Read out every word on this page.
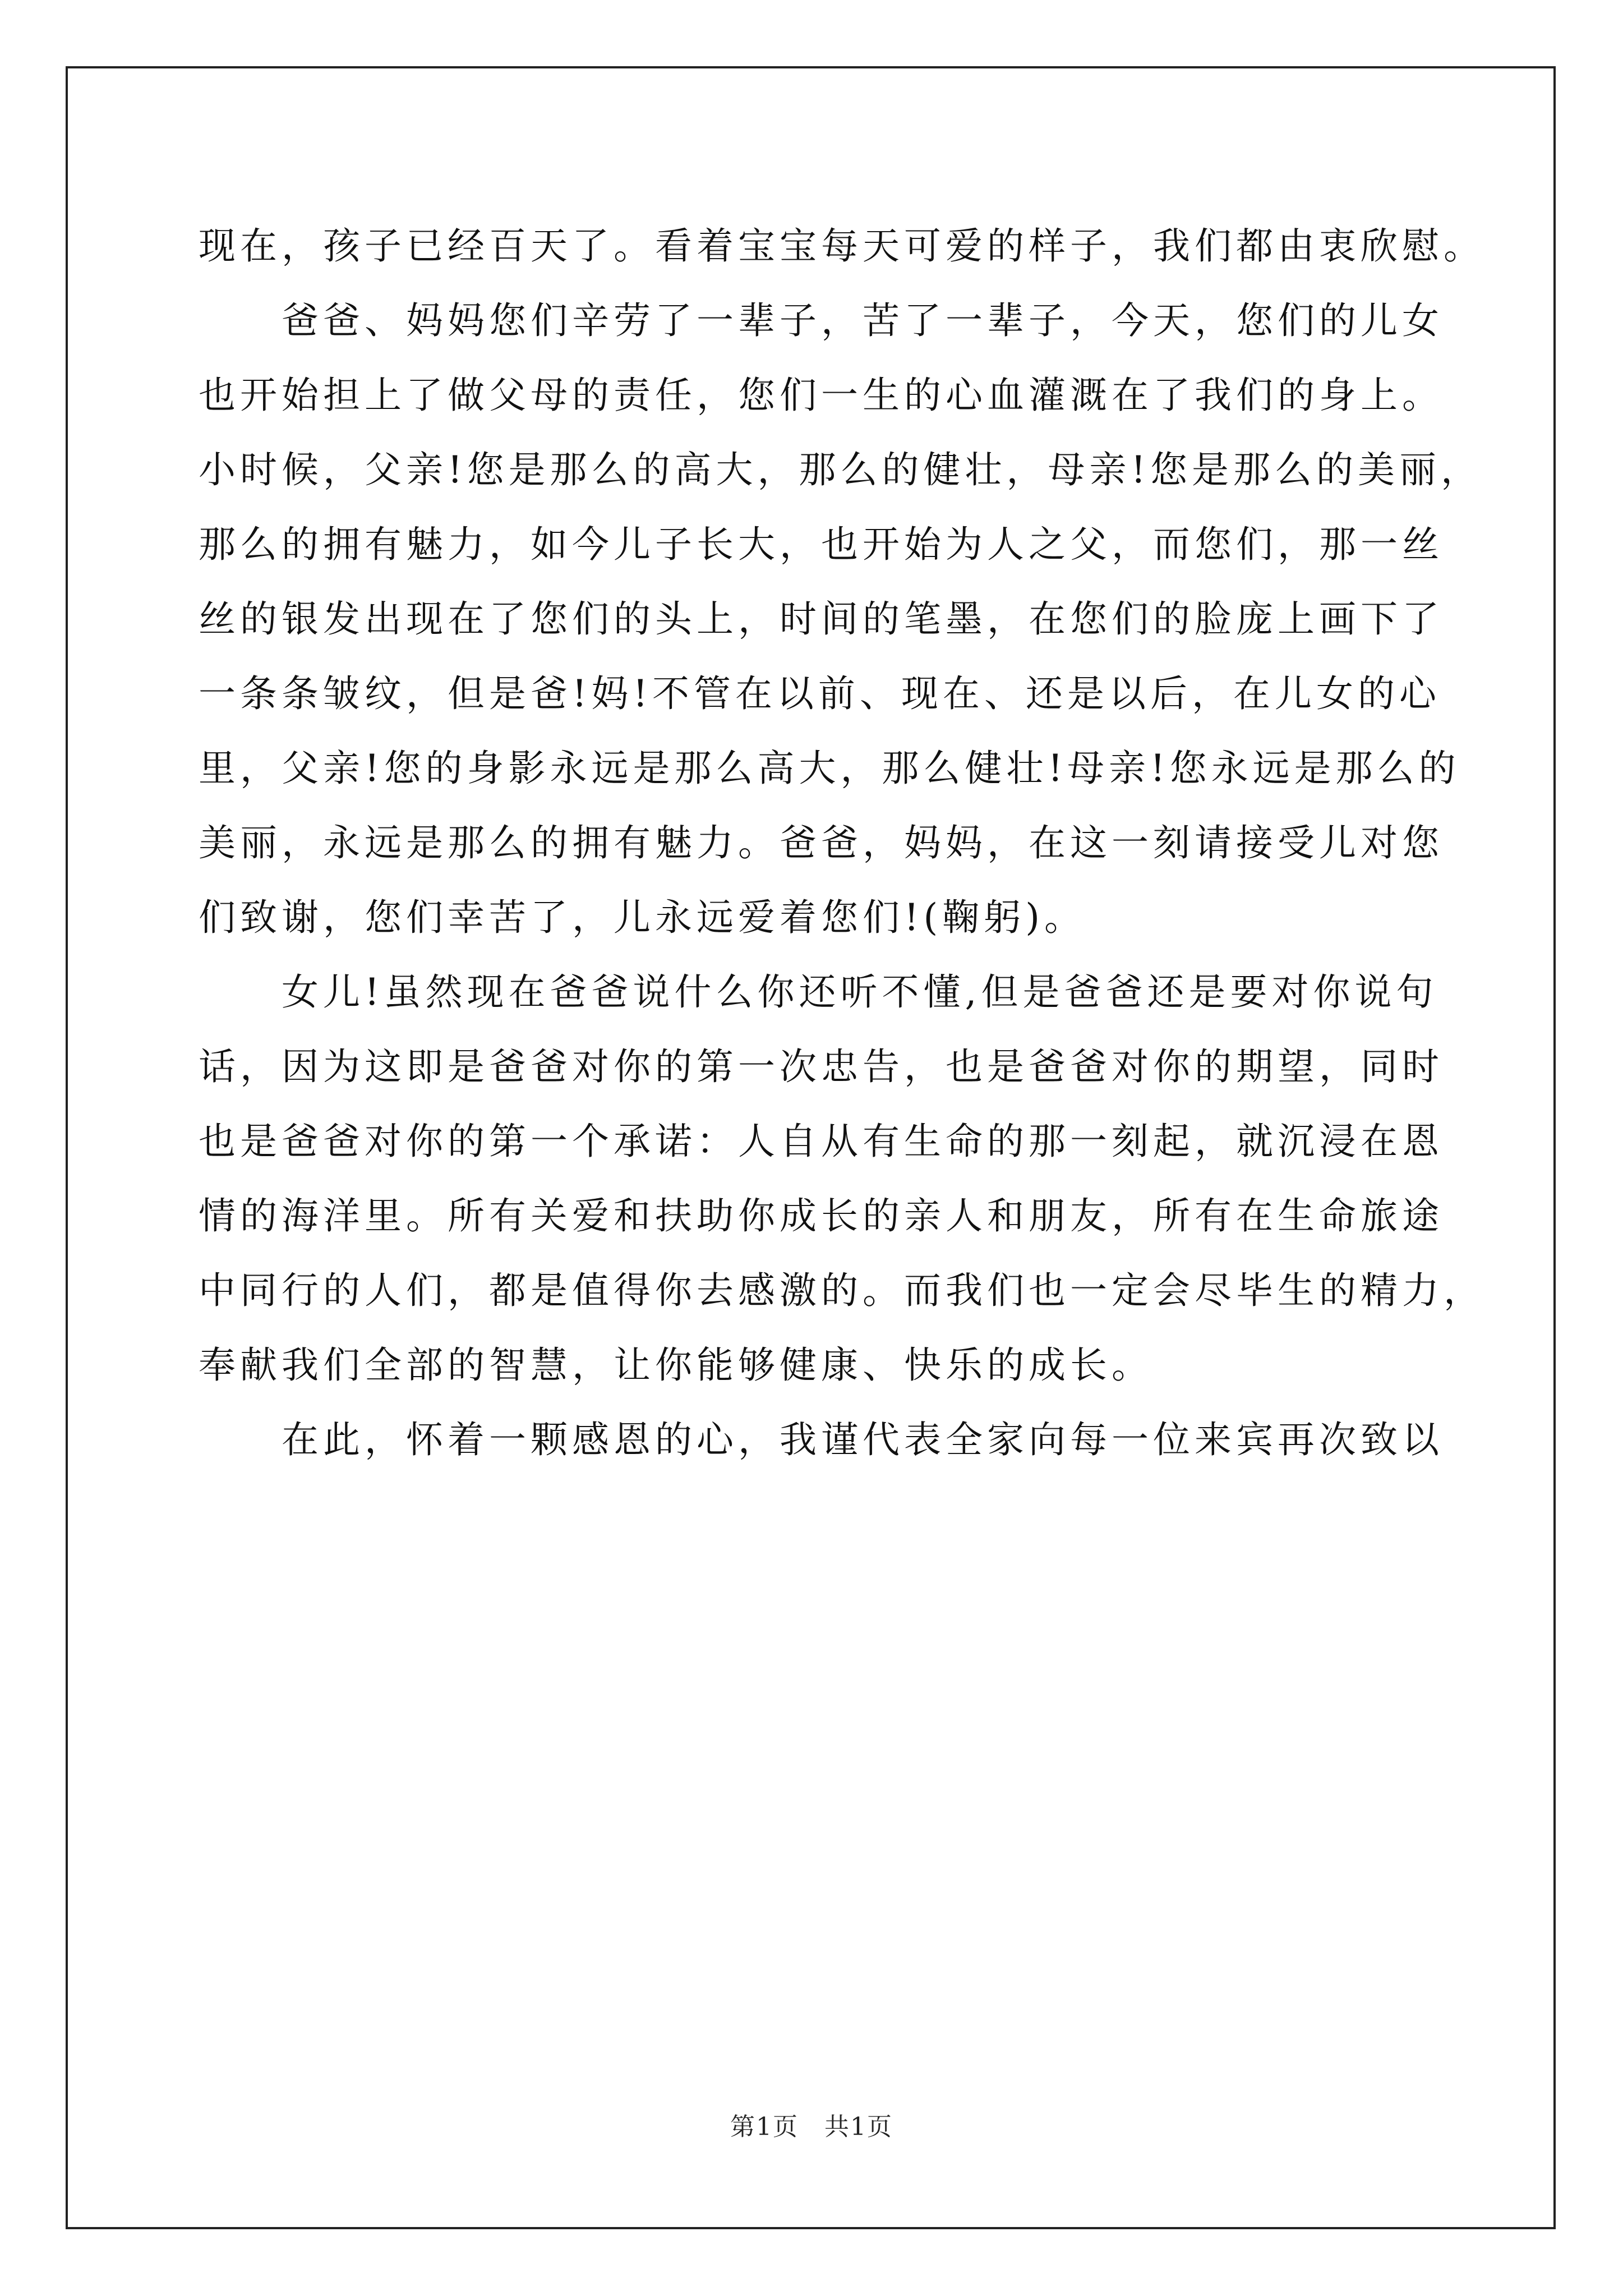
现在，孩子已经百天了。看着宝宝每天可爱的样子，我们都由衷欣慰。
　　爸爸、妈妈您们辛劳了一辈子，苦了一辈子，今天，您们的儿女
也开始担上了做父母的责任，您们一生的心血灌溉在了我们的身上。
小时候，父亲!您是那么的高大，那么的健壮，母亲!您是那么的美丽，
那么的拥有魅力，如今儿子长大，也开始为人之父，而您们，那一丝
丝的银发出现在了您们的头上，时间的笔墨，在您们的脸庞上画下了
一条条皱纹，但是爸!妈!不管在以前、现在、还是以后，在儿女的心
里，父亲!您的身影永远是那么高大，那么健壮!母亲!您永远是那么的
美丽，永远是那么的拥有魅力。爸爸，妈妈，在这一刻请接受儿对您
们致谢，您们幸苦了，儿永远爱着您们!(鞠躬)。
　　女儿!虽然现在爸爸说什么你还听不懂,但是爸爸还是要对你说句
话，因为这即是爸爸对你的第一次忠告，也是爸爸对你的期望，同时
也是爸爸对你的第一个承诺：人自从有生命的那一刻起，就沉浸在恩
情的海洋里。所有关爱和扶助你成长的亲人和朋友，所有在生命旅途
中同行的人们，都是值得你去感激的。而我们也一定会尽毕生的精力，
奉献我们全部的智慧，让你能够健康、快乐的成长。
　　在此，怀着一颗感恩的心，我谨代表全家向每一位来宾再次致以
第1页　共1页
